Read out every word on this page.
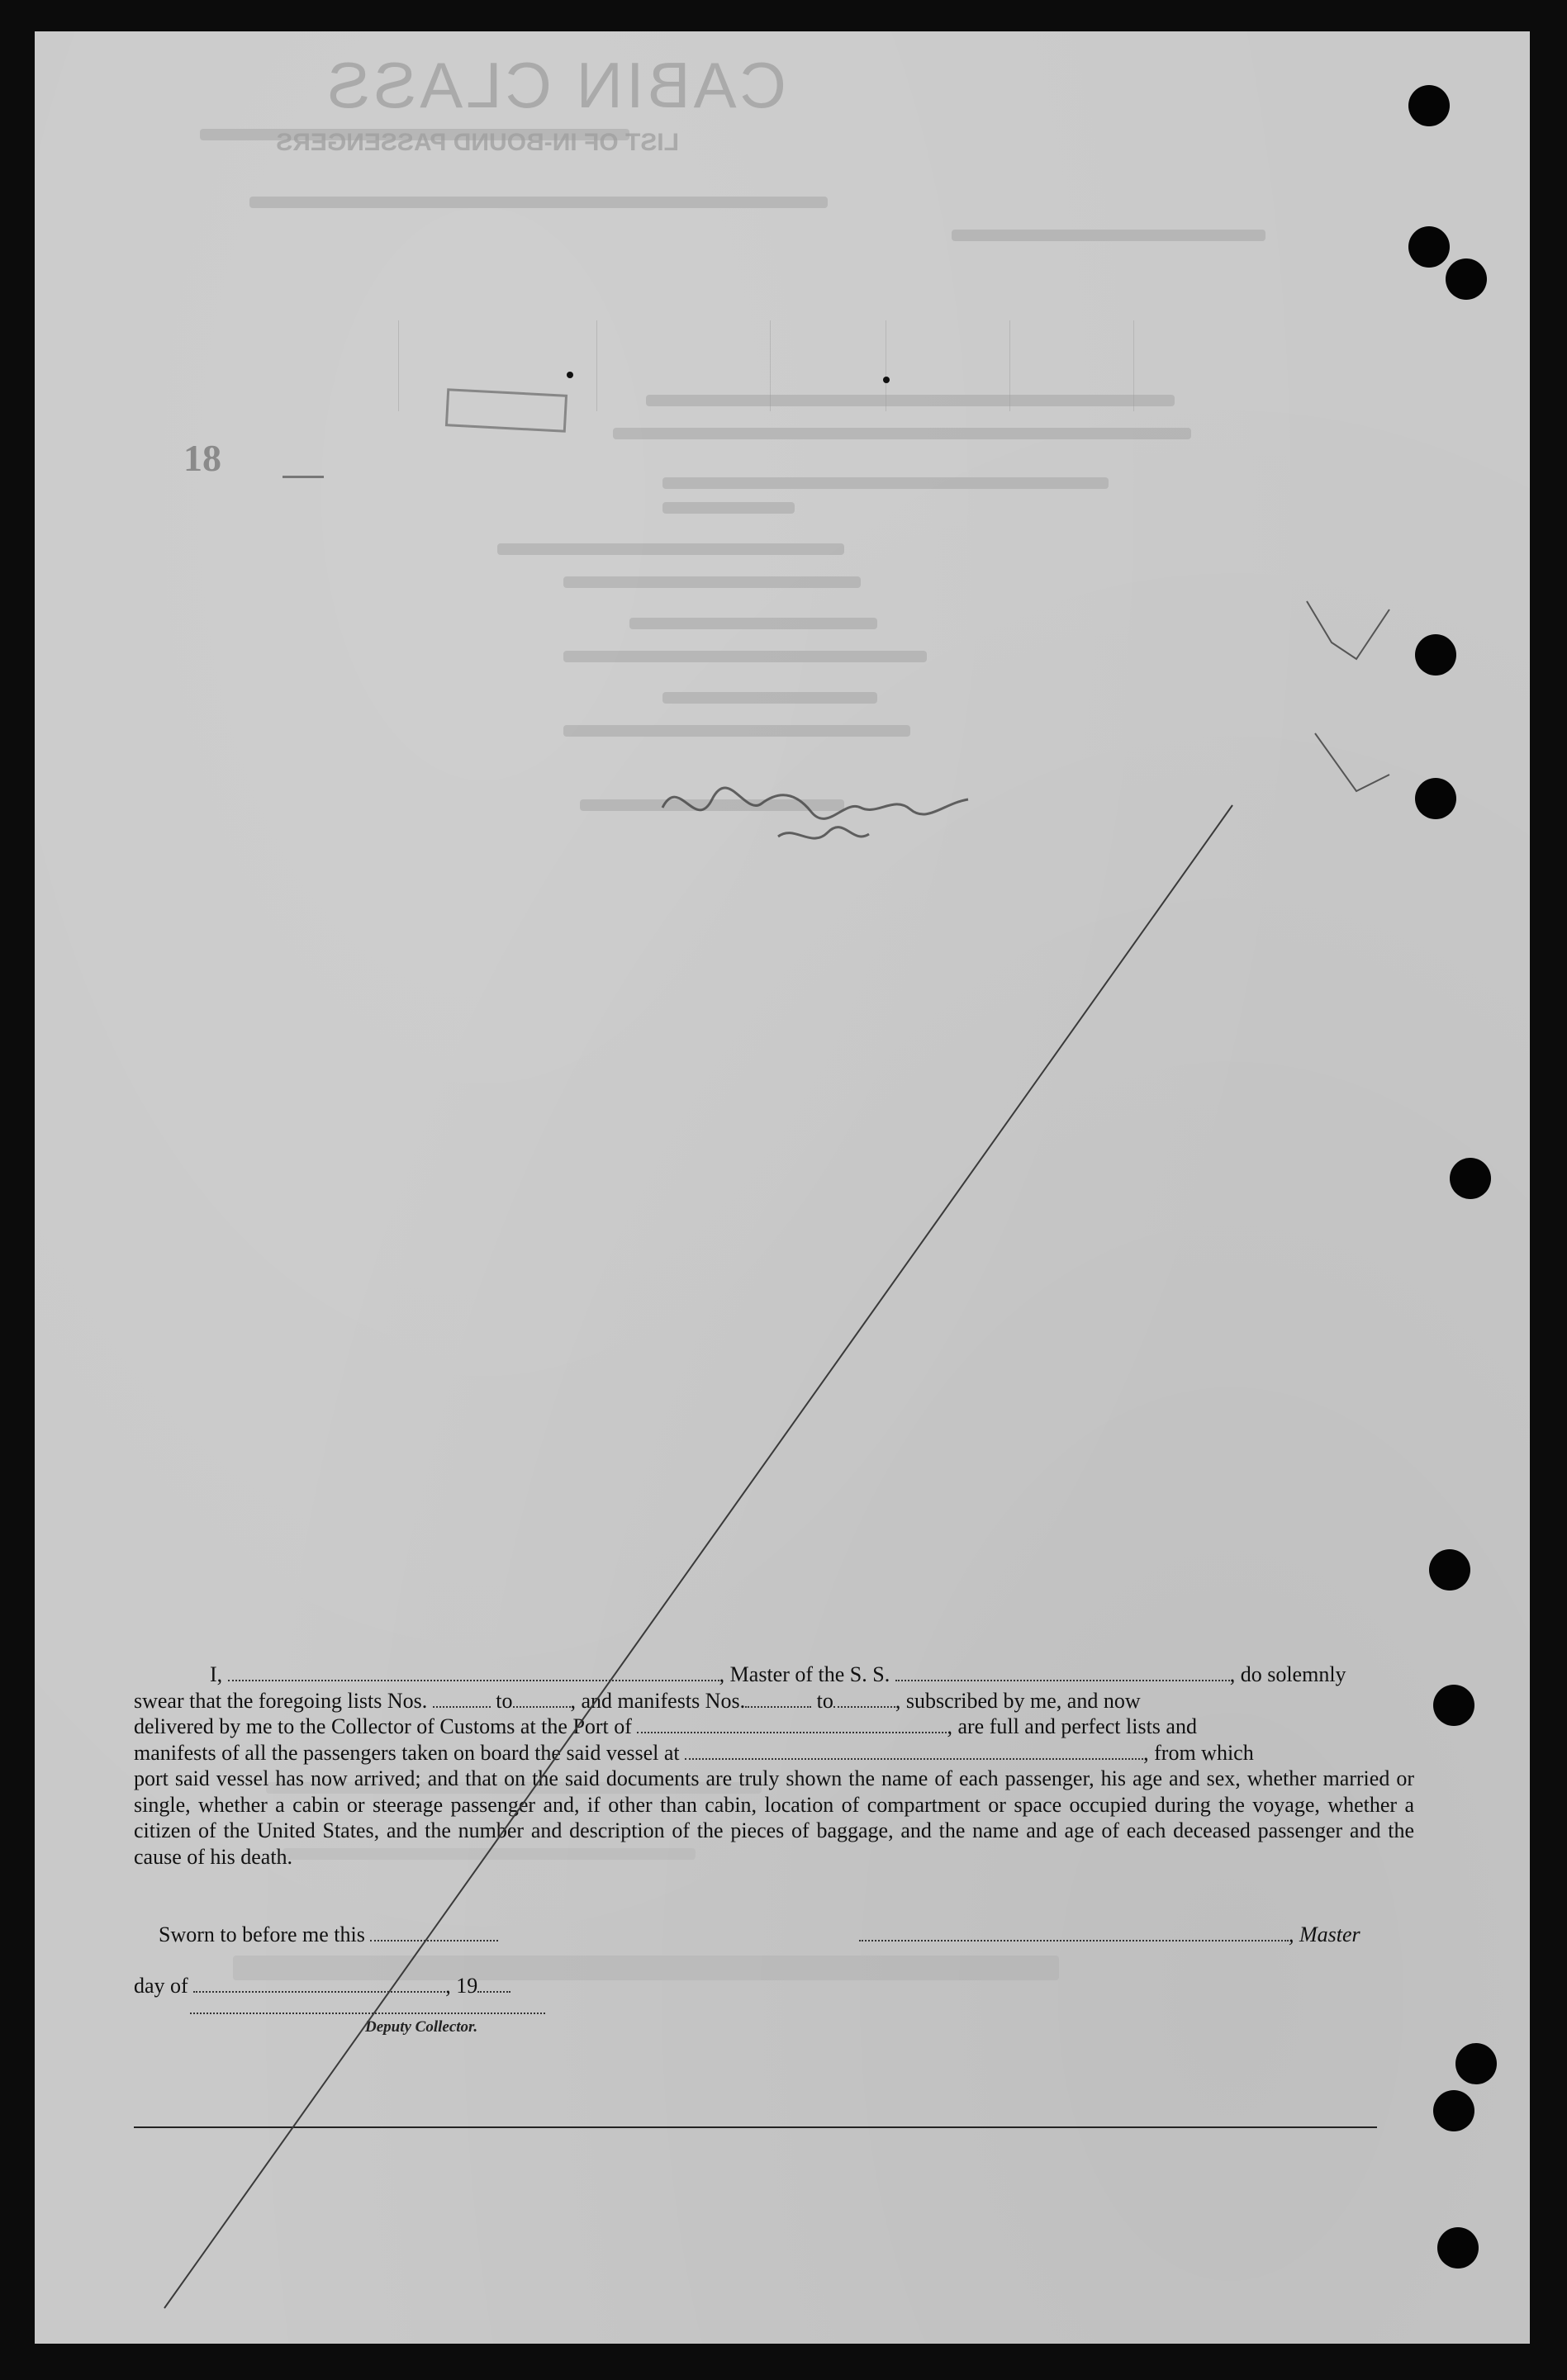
CABIN CLASS
LIST OF IN-BOUND PASSENGERS
18

I,	, Master of the S. S.	, do solemnly

swear that the foregoing lists Nos.	to	, and manifests Nos.	to	, subscribed by me, and now

delivered by me to the Collector of Customs at the Port of	, are full and perfect lists and

manifests of all the passengers taken on board the said vessel at	, from which

port said vessel has now arrived; and that on the said documents are truly shown the name of each passenger, his age and sex, whether married or single, whether a cabin or steerage passenger and, if other than cabin, location of compartment or space occupied during the voyage, whether a citizen of the United States, and the number and description of the pieces of baggage, and the name and age of each deceased passenger and the cause of his death.

Sworn to before me this	, Master
day of	, 19
Deputy Collector.
